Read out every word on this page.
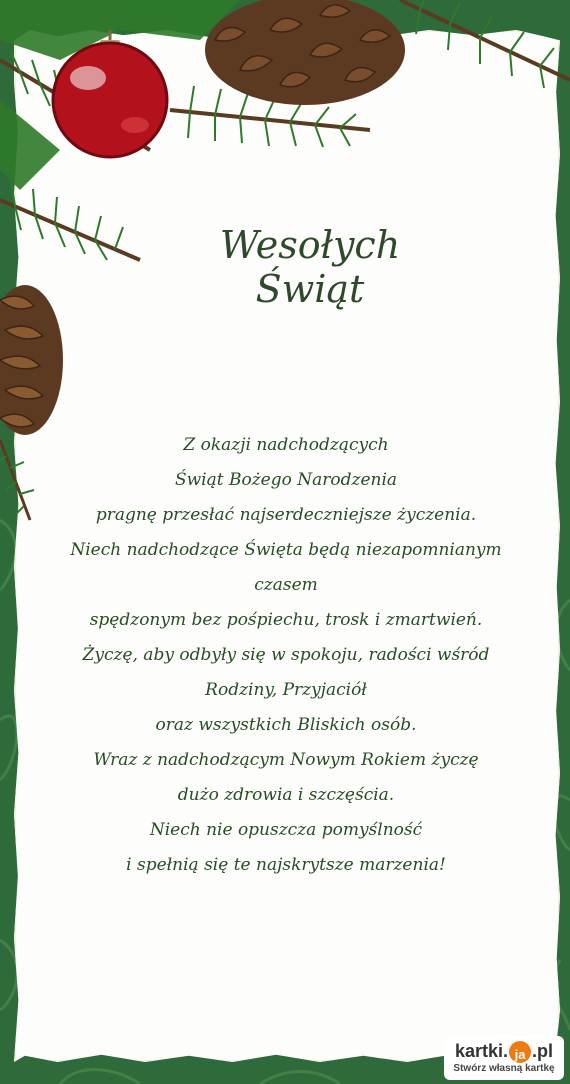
Wesołych
Świąt
Z okazji nadchodzących
Świąt Bożego Narodzenia
pragnę przesłać najserdeczniejsze życzenia.
Niech nadchodzące Święta będą niezapomnianym
czasem
spędzonym bez pośpiechu, trosk i zmartwień.
Życzę, aby odbyły się w spokoju, radości wśród
Rodziny, Przyjaciół
oraz wszystkich Bliskich osób.
Wraz z nadchodzącym Nowym Rokiem życzę
dużo zdrowia i szczęścia.
Niech nie opuszcza pomyślność
i spełnią się te najskrytsze marzenia!
kartki. ja .pl
Stwórz własną kartkę
